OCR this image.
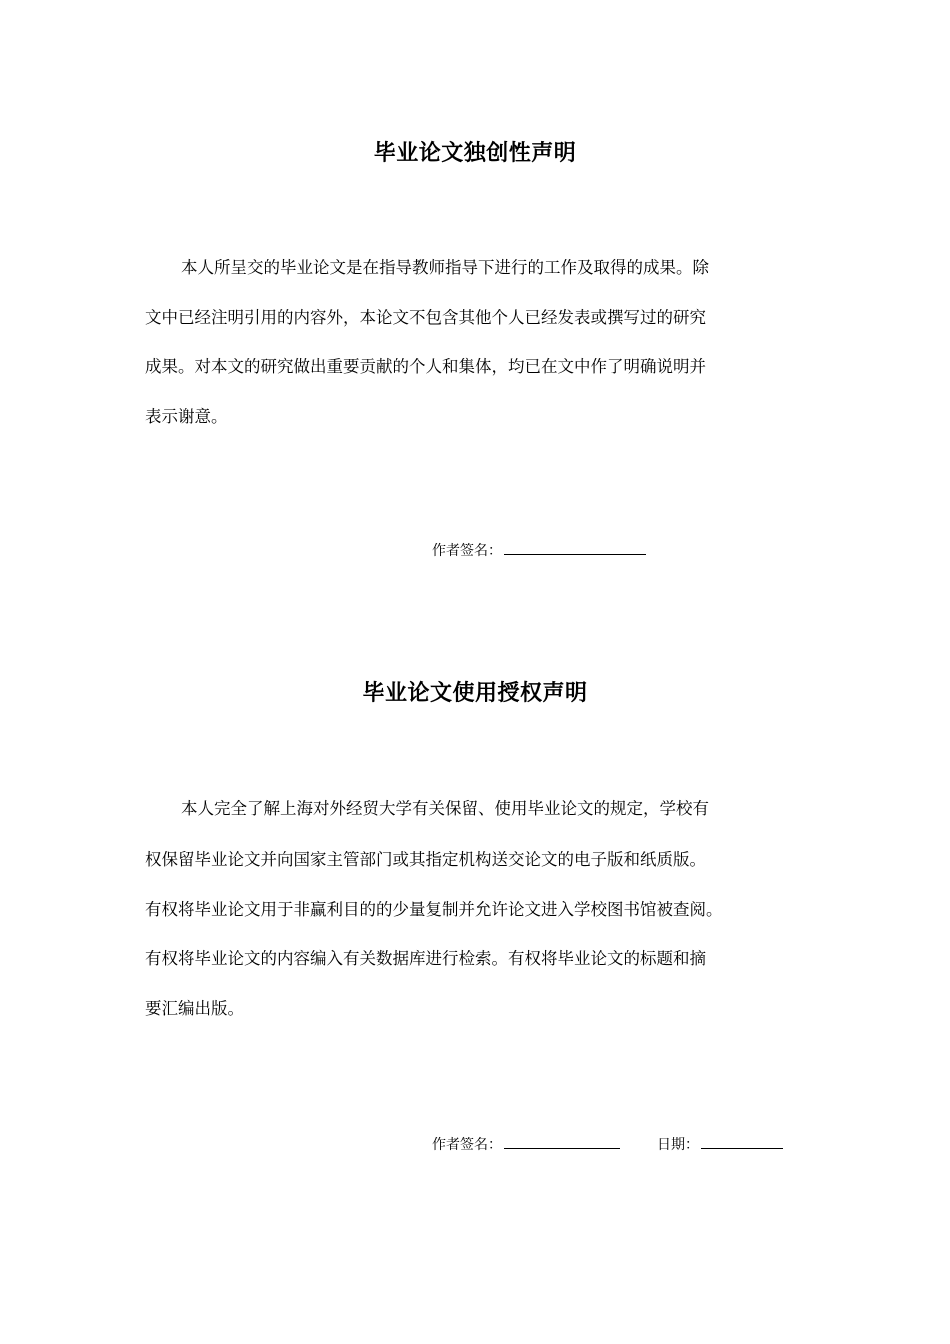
毕业论文独创性声明
本人所呈交的毕业论文是在指导教师指导下进行的工作及取得的成果。除
文中已经注明引用的内容外，本论文不包含其他个人已经发表或撰写过的研究
成果。对本文的研究做出重要贡献的个人和集体，均已在文中作了明确说明并
表示谢意。
作者签名：
毕业论文使用授权声明
本人完全了解上海对外经贸大学有关保留、使用毕业论文的规定，学校有
权保留毕业论文并向国家主管部门或其指定机构送交论文的电子版和纸质版。
有权将毕业论文用于非赢利目的的少量复制并允许论文进入学校图书馆被查阅。
有权将毕业论文的内容编入有关数据库进行检索。有权将毕业论文的标题和摘
要汇编出版。
作者签名：	日期：
